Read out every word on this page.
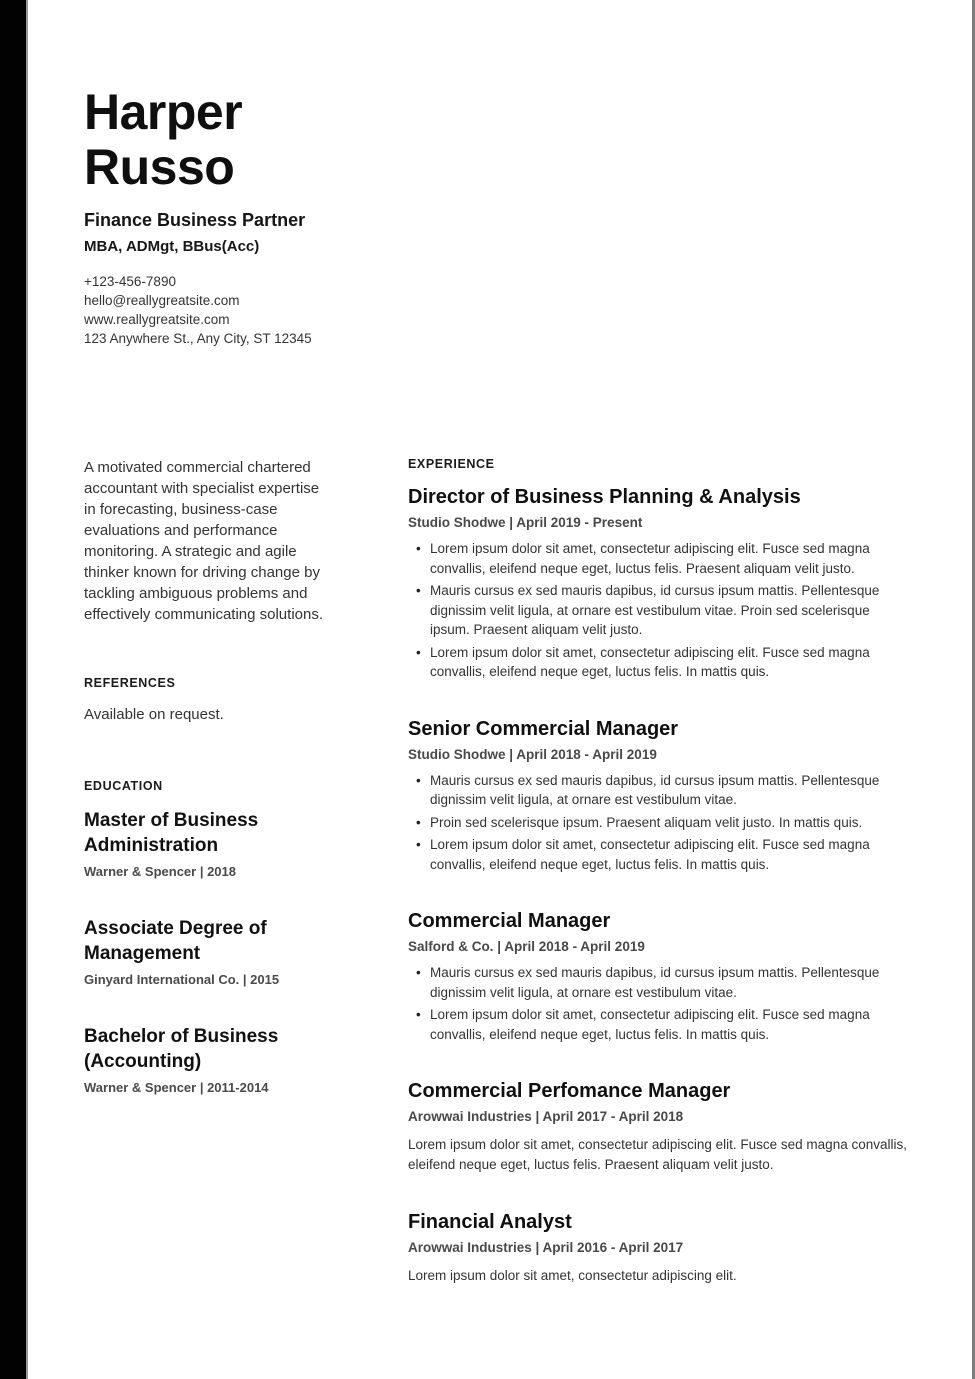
Harper
Russo
Finance Business Partner
MBA, ADMgt, BBus(Acc)
+123-456-7890
hello@reallygreatsite.com
www.reallygreatsite.com
123 Anywhere St., Any City, ST 12345

A motivated commercial chartered accountant with specialist expertise in forecasting, business-case evaluations and performance monitoring. A strategic and agile thinker known for driving change by tackling ambiguous problems and effectively communicating solutions.

REFERENCES

Available on request.

EDUCATION
Master of Business Administration
Warner & Spencer | 2018
Associate Degree of Management
Ginyard International Co. | 2015
Bachelor of Business (Accounting)
Warner & Spencer | 2011-2014
EXPERIENCE
Director of Business Planning & Analysis
Studio Shodwe | April 2019 - Present
• Lorem ipsum dolor sit amet, consectetur adipiscing elit. Fusce sed magna convallis, eleifend neque eget, luctus felis. Praesent aliquam velit justo.
• Mauris cursus ex sed mauris dapibus, id cursus ipsum mattis. Pellentesque dignissim velit ligula, at ornare est vestibulum vitae. Proin sed scelerisque ipsum. Praesent aliquam velit justo.
• Lorem ipsum dolor sit amet, consectetur adipiscing elit. Fusce sed magna convallis, eleifend neque eget, luctus felis. In mattis quis.
Senior Commercial Manager
Studio Shodwe | April 2018 - April 2019
• Mauris cursus ex sed mauris dapibus, id cursus ipsum mattis. Pellentesque dignissim velit ligula, at ornare est vestibulum vitae.
• Proin sed scelerisque ipsum. Praesent aliquam velit justo. In mattis quis.
• Lorem ipsum dolor sit amet, consectetur adipiscing elit. Fusce sed magna convallis, eleifend neque eget, luctus felis. In mattis quis.
Commercial Manager
Salford & Co. | April 2018 - April 2019
• Mauris cursus ex sed mauris dapibus, id cursus ipsum mattis. Pellentesque dignissim velit ligula, at ornare est vestibulum vitae.
• Lorem ipsum dolor sit amet, consectetur adipiscing elit. Fusce sed magna convallis, eleifend neque eget, luctus felis. In mattis quis.
Commercial Perfomance Manager
Arowwai Industries | April 2017 - April 2018

Lorem ipsum dolor sit amet, consectetur adipiscing elit. Fusce sed magna convallis, eleifend neque eget, luctus felis. Praesent aliquam velit justo.

Financial Analyst
Arowwai Industries | April 2016 - April 2017

Lorem ipsum dolor sit amet, consectetur adipiscing elit.
